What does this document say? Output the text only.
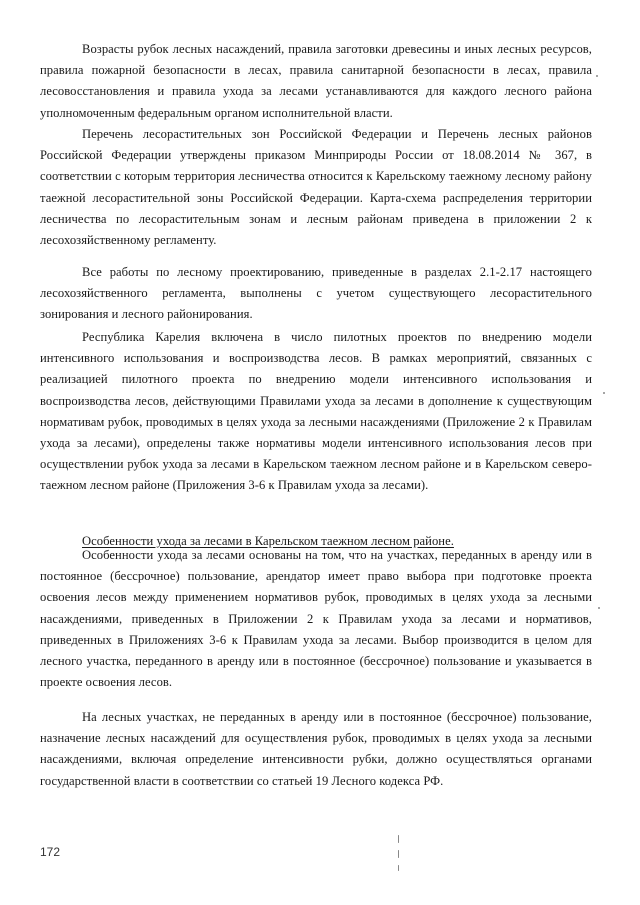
Возрасты рубок лесных насаждений, правила заготовки древесины и иных лесных ресурсов, правила пожарной безопасности в лесах, правила санитарной безопасности в лесах, правила лесовосстановления и правила ухода за лесами устанавливаются для каждого лесного района уполномоченным федеральным органом исполнительной власти.

Перечень лесорастительных зон Российской Федерации и Перечень лесных районов Российской Федерации утверждены приказом Минприроды России от 18.08.2014 № 367, в соответствии с которым территория лесничества относится к Карельскому таежному лесному району таежной лесорастительной зоны Российской Федерации. Карта-схема распределения территории лесничества по лесорастительным зонам и лесным районам приведена в приложении 2 к лесохозяйственному регламенту.

Все работы по лесному проектированию, приведенные в разделах 2.1-2.17 настоящего лесохозяйственного регламента, выполнены с учетом существующего лесорастительного зонирования и лесного районирования.

Республика Карелия включена в число пилотных проектов по внедрению модели интенсивного использования и воспроизводства лесов. В рамках мероприятий, связанных с реализацией пилотного проекта по внедрению модели интенсивного использования и воспроизводства лесов, действующими Правилами ухода за лесами в дополнение к существующим нормативам рубок, проводимых в целях ухода за лесными насаждениями (Приложение 2 к Правилам ухода за лесами), определены также нормативы модели интенсивного использования лесов при осуществлении рубок ухода за лесами в Карельском таежном лесном районе и в Карельском северо-таежном лесном районе (Приложения 3-6 к Правилам ухода за лесами).

Особенности ухода за лесами в Карельском таежном лесном районе.

Особенности ухода за лесами основаны на том, что на участках, переданных в аренду или в постоянное (бессрочное) пользование, арендатор имеет право выбора при подготовке проекта освоения лесов между применением нормативов рубок, проводимых в целях ухода за лесными насаждениями, приведенных в Приложении 2 к Правилам ухода за лесами и нормативов, приведенных в Приложениях 3-6 к Правилам ухода за лесами. Выбор производится в целом для лесного участка, переданного в аренду или в постоянное (бессрочное) пользование и указывается в проекте освоения лесов.

На лесных участках, не переданных в аренду или в постоянное (бессрочное) пользование, назначение лесных насаждений для осуществления рубок, проводимых в целях ухода за лесными насаждениями, включая определение интенсивности рубки, должно осуществляться органами государственной власти в соответствии со статьей 19 Лесного кодекса РФ.

172
